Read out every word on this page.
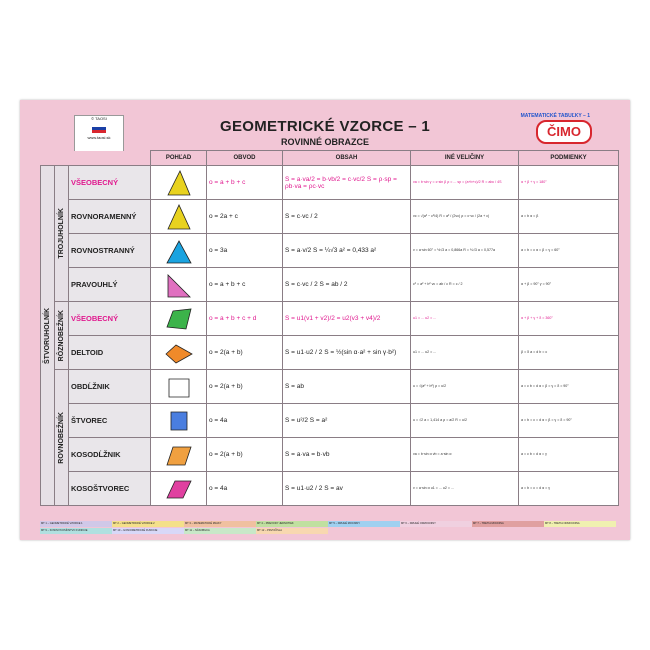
© TAOSI
www.taosi.sk
MATEMATICKÉ TABUĽKY – 1
ČIMO
GEOMETRICKÉ VZORCE – 1
ROVINNÉ OBRAZCE
			POHĽAD	OBVOD	OBSAH	INÉ VELIČINY	PODMIENKY

ŠTVORUHOLNÍK	TROJUHOLNÍK	VŠEOBECNÝ		o = a + b + c	S = a·va/2 = b·vb/2 = c·vc/2 S = ρ·sp = ρb·va = ρc·vc	va = b·sin γ = c·sin β ρ = ... sp = (a+b+c)/2 R = abc / 4S	α + β + γ = 180°
		ROVNORAMENNÝ		o = 2a + c	S = c·vc / 2	vc = √(a² − c²/4) R = a² / (2vc) ρ = c·vc / (2a + c)	a = b α = β
		ROVNOSTRANNÝ		o = 3a	S = a·v/2 S = ¼√3 a² = 0,433 a²	v = a·sin 60° = ½√3 a = 0,866a R = ⅓√3 a = 0,577a	a = b = c α = β = γ = 60°
		PRAVOUHLÝ		o = a + b + c	S = c·vc / 2 S = ab / 2	c² = a² + b² vc = ab / c R = c / 2	α + β = 90° γ = 90°

	RÔZNOBEŽNÍK	VŠEOBECNÝ		o = a + b + c + d	S = u1(v1 + v2)/2 = u2(v3 + v4)/2	u1 = ... u2 = ...	α + β + γ + δ = 360°
		DELTOID		o = 2(a + b)	S = u1·u2 / 2 S = ½(sin α·a² + sin γ·b²)	u1 = ... u2 = ...	β = δ a = d b = c

	ROVNOBEŽNÍK	OBDĹŽNIK		o = 2(a + b)	S = ab	u = √(a² + b²) ρ = u/2	a = c b = d α = β = γ = δ = 90°
		ŠTVOREC		o = 4a	S = u²/2 S = a²	u = √2 a = 1,414 a ρ = a/2 R = u/2	a = b = c = d α = β = γ = δ = 90°
		KOSODĹŽNIK		o = 2(a + b)	S = a·va = b·vb	va = b·sin α vb = a·sin α	a = c b = d α = γ
		KOSOŠTVOREC		o = 4a	S = u1·u2 / 2 S = av	v = a·sin α u1 = ... u2 = ...	a = b = c = d α = γ
MT 1 – GEOMETRICKÉ VZORCE 1	MT 2 – GEOMETRICKÉ VZORCE 2	MT 3 – MATEMATICKÉ ZNAKY	MT 4 – PREVODY JEDNOTIEK	MT 5 – DRUHÉ MOCNINY	MT 6 – DRUHÉ ODMOCNINY	MT 7 – TRETIA MOCNINA	MT 8 – TRETIA ODMOCNINA
MT 9 – KOSINY/KOSÍNSTVO FUNKCIE	MT 10 – GONIOMETRICKÉ FUNKCIE	MT 11 – NÁSOBILKA	MT 12 – PRVOČÍSLA
